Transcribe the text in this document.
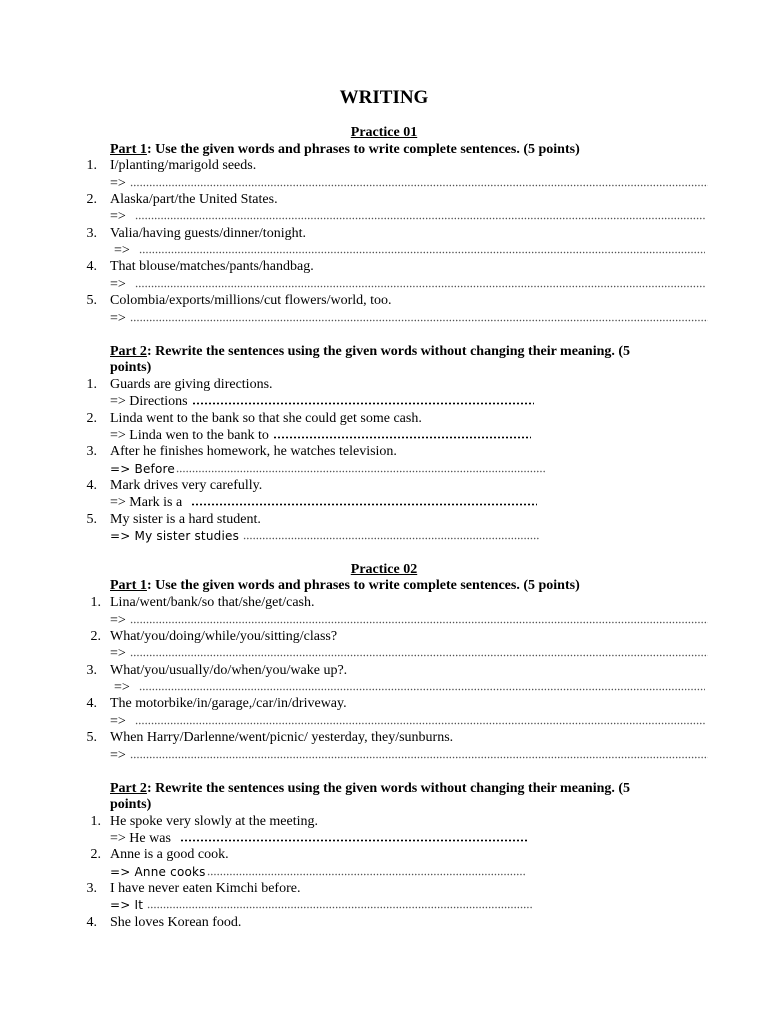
WRITING
Practice 01
Part 1: Use the given words and phrases to write complete sentences. (5 points)
1. I/planting/marigold seeds.
=>
2. Alaska/part/the United States.
=>
3. Valia/having guests/dinner/tonight.
=>
4. That blouse/matches/pants/handbag.
=>
5. Colombia/exports/millions/cut flowers/world, too.
=>
Part 2: Rewrite the sentences using the given words without changing their meaning. (5
points)
1. Guards are giving directions.
=> Directions
2. Linda went to the bank so that she could get some cash.
=> Linda wen to the bank to
3. After he finishes homework, he watches television.
=> Before
4. Mark drives very carefully.
=> Mark is a
5. My sister is a hard student.
=> My sister studies
Practice 02
Part 1: Use the given words and phrases to write complete sentences. (5 points)
1. Lina/went/bank/so that/she/get/cash.
=>
2. What/you/doing/while/you/sitting/class?
=>
3. What/you/usually/do/when/you/wake up?.
=>
4. The motorbike/in/garage,/car/in/driveway.
=>
5. When Harry/Darlenne/went/picnic/ yesterday, they/sunburns.
=>
Part 2: Rewrite the sentences using the given words without changing their meaning. (5
points)
1. He spoke very slowly at the meeting.
=> He was
2. Anne is a good cook.
=> Anne cooks
3. I have never eaten Kimchi before.
=> It
4. She loves Korean food.
